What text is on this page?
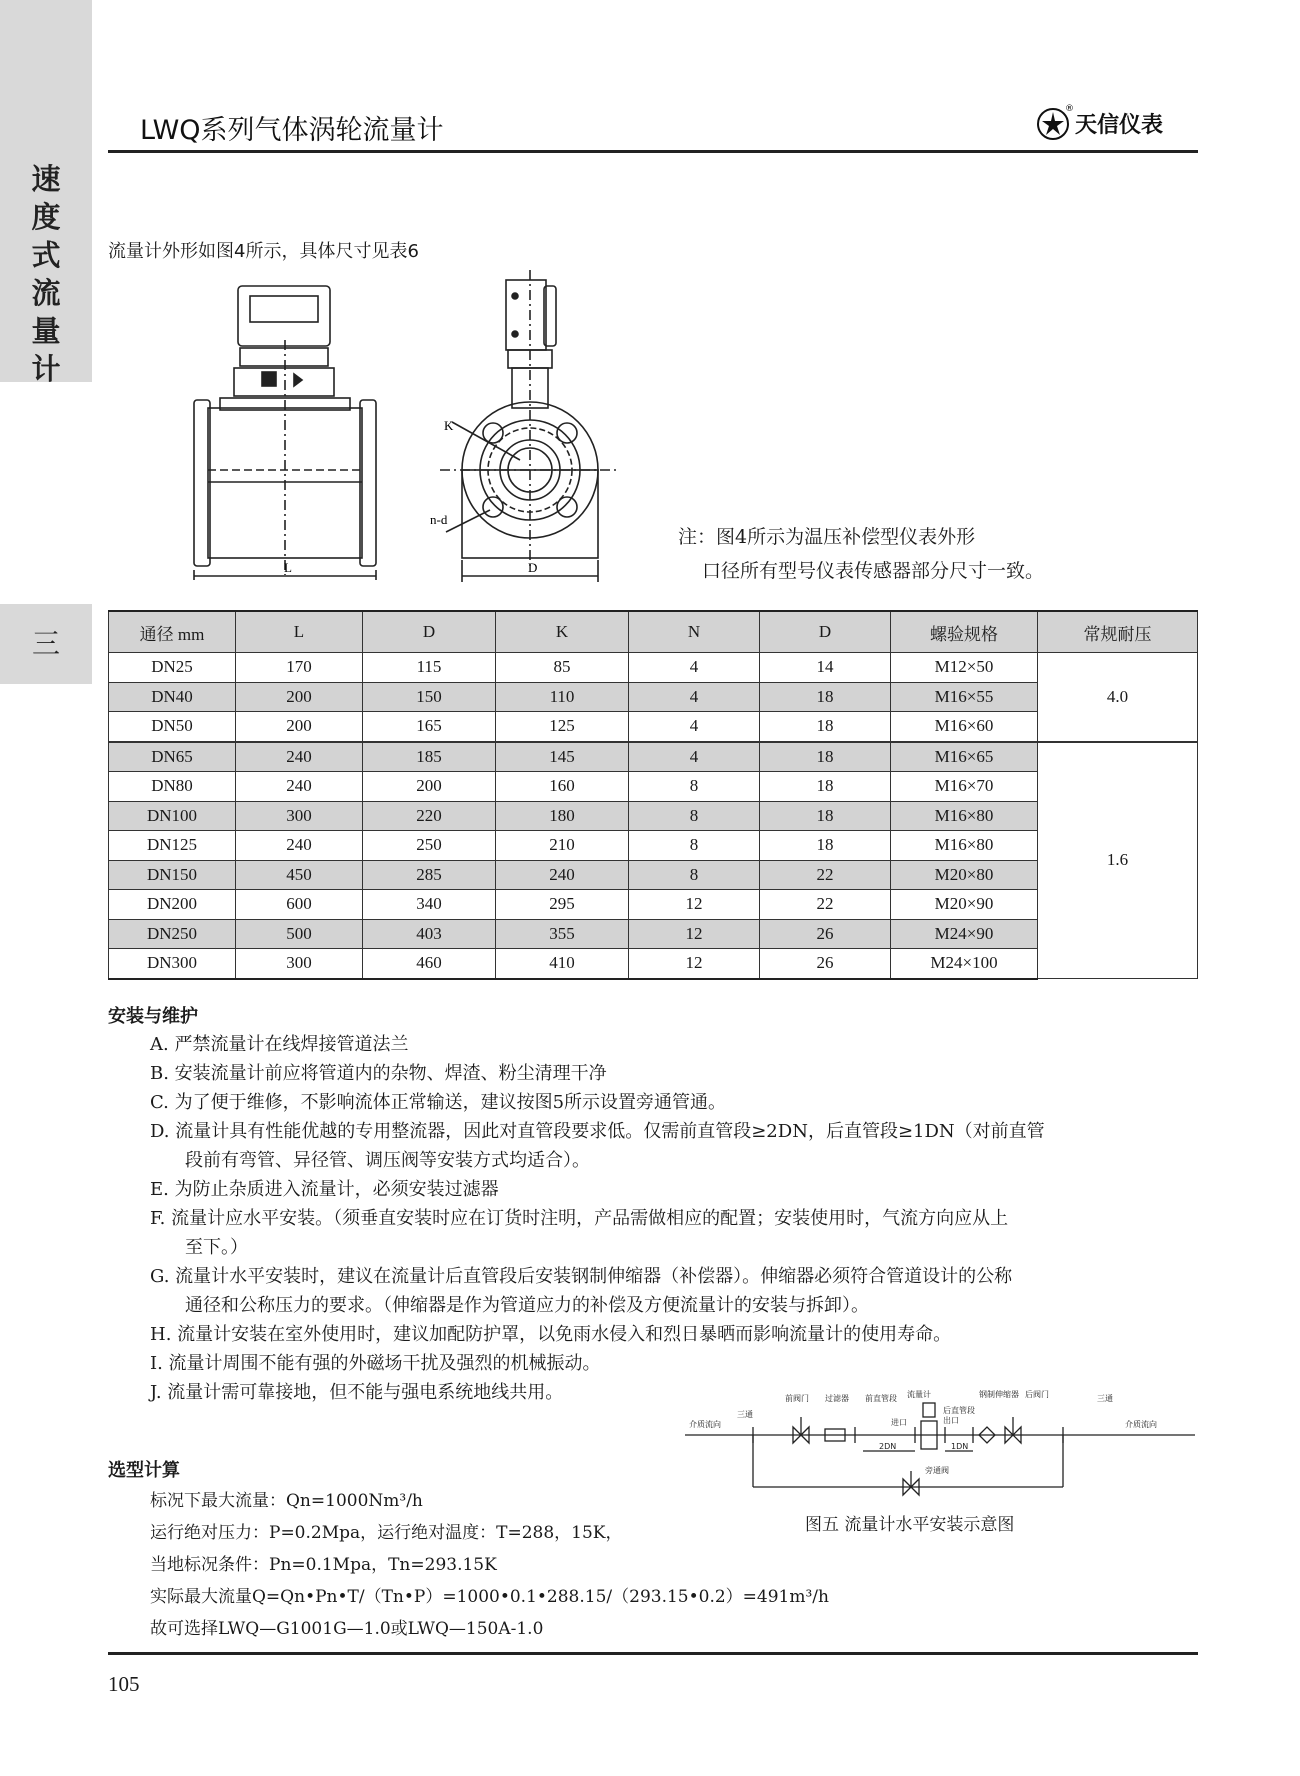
速
度
式
流
量
计
三
LWQ系列气体涡轮流量计
®
天信仪表
流量计外形如图4所示，具体尺寸见表6
L
K
n-d
D
注：图4所示为温压补偿型仪表外形
口径所有型号仪表传感器部分尺寸一致。
通径 mm	L	D	K	N	D	螺验规格	常规耐压
DN25	170	115	85	4	14	M12×50	4.0
DN40	200	150	110	4	18	M16×55	
DN50	200	165	125	4	18	M16×60	
DN65	240	185	145	4	18	M16×65	1.6
DN80	240	200	160	8	18	M16×70	
DN100	300	220	180	8	18	M16×80	
DN125	240	250	210	8	18	M16×80	
DN150	450	285	240	8	22	M20×80	
DN200	600	340	295	12	22	M20×90	
DN250	500	403	355	12	26	M24×90	
DN300	300	460	410	12	26	M24×100	
安装与维护
A. 严禁流量计在线焊接管道法兰
B. 安装流量计前应将管道内的杂物、焊渣、粉尘清理干净
C. 为了便于维修，不影响流体正常输送，建议按图5所示设置旁通管通。
D. 流量计具有性能优越的专用整流器，因此对直管段要求低。仅需前直管段≥2DN，后直管段≥1DN（对前直管
段前有弯管、异径管、调压阀等安装方式均适合）。
E. 为防止杂质进入流量计，必须安装过滤器
F. 流量计应水平安装。（须垂直安装时应在订货时注明，产品需做相应的配置；安装使用时，气流方向应从上
至下。）
G. 流量计水平安装时，建议在流量计后直管段后安装钢制伸缩器（补偿器）。伸缩器必须符合管道设计的公称
通径和公称压力的要求。（伸缩器是作为管道应力的补偿及方便流量计的安装与拆卸）。
H. 流量计安装在室外使用时，建议加配防护罩，以免雨水侵入和烈日暴晒而影响流量计的使用寿命。
I. 流量计周围不能有强的外磁场干扰及强烈的机械振动。
J. 流量计需可靠接地，但不能与强电系统地线共用。
三通
前阀门 过滤器 前直管段 流量计	钢制伸缩器 后阀门	三通
介质流向	介质流向
进口	出口
后直管段
2DN	1DN
旁通阀
图五 流量计水平安装示意图
选型计算
标况下最大流量：Qn=1000Nm³/h
运行绝对压力：P=0.2Mpa，运行绝对温度：T=288，15K，
当地标况条件：Pn=0.1Mpa，Tn=293.15K
实际最大流量Q=Qn•Pn•T/（Tn•P）=1000•0.1•288.15/（293.15•0.2）=491m³/h
故可选择LWQ—G1001G—1.0或LWQ—150A-1.0
105
